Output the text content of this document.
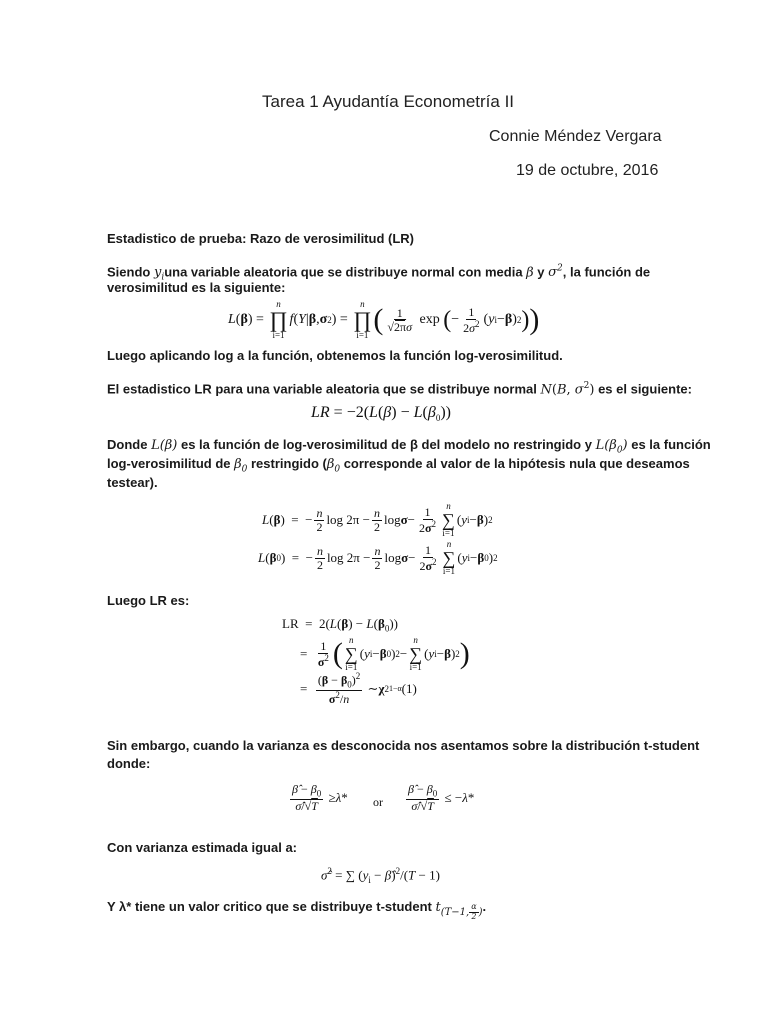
Tarea 1 Ayudantía Econometría II
Connie Méndez Vergara
19 de octubre, 2016
Estadistico de prueba: Razo de verosimilitud (LR)
Siendo $y_iuna$ variable aleatoria que se distribuye normal con media β y $\sigma^2$, la función de
verosimilitud es la siguiente:
L ( β ) =
n
∏
i=1
f ( Y | β , σ 2 ) =
n
∏
i=1 ( $\frac{1}{√2\pi\sigma}$ exp ( − $\frac{1}{2\sigma^2}$ ( y i − β ) 2 ) )
Luego aplicando log a la función, obtenemos la función log-verosimilitud.
El estadistico LR para una variable aleatoria que se distribuye normal N(B, $\sigma^2$) es el siguiente:
LR = $-2(L(\beta) - L(\beta_0))$
Donde L(β) es la función de log-verosimilitud de β del modelo no restringido y $L(\beta_0)$ es la función
log-verosimilitud de $\beta_0$ restringido ($\beta_0$ corresponde al valor de la hipótesis nula que deseamos
testear).
L ( β )  =  − $\frac{n}{2}$ $\log 2\pi - \frac{n}{2}$ $\log \sigma - \frac{1}{2\sigma^2}$ n
∑
i=1
( y i − β ) 2
L ( β 0 )  =  − $\frac{n}{2}$ $\log 2\pi - \frac{n}{2}$ $\log \sigma - \frac{1}{2\sigma^2}$ n
∑
i=1
( y i − β 0 ) 2
Luego LR es:
LR  =  $2(L(\beta) - L(\beta_0))$
= $\frac{1}{\sigma^2}$ ( n
∑
i=1
( y i − β 0 ) 2 −
n
∑
i=1
( y i − β ) 2 )
= $\frac{(\beta - \beta_0)^2}{\sigma^2/n}$ ∼ χ 2 1−α (1)
Sin embargo, cuando la varianza es desconocida nos asentamos sobre la distribución t-student
donde:
$\frac{\betâ - \beta_0}{\sigmâ/√T} \ge \lambda$ * or $\frac{\betâ - \beta_0}{\sigmâ/√T}$ ≤ − λ *
Con varianza estimada igual a:
σ̂$^2$ = ∑ ($y_i$ − β̂)$^2$/(T − 1)
Y λ* tiene un valor critico que se distribuye t-student $t_{(T-1, \frac{\alpha}{2} )}$.
